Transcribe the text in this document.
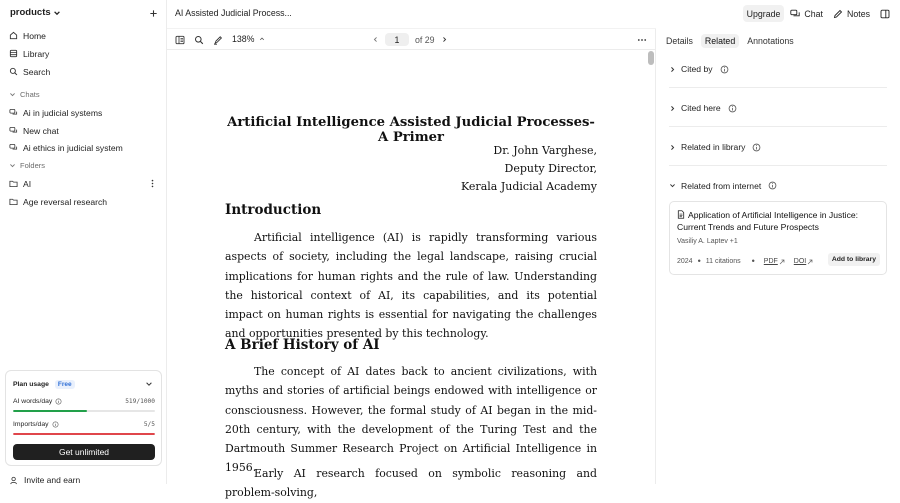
products
Home
Library
Search
Chats
Ai in judicial systems
New chat
Ai ethics in judicial system
Folders
AI
Age reversal research
Plan usage	Free
AI words/day	519/1000
Imports/day	5/5
Get unlimited
Invite and earn
AI Assisted Judicial Process...	Upgrade	Chat	Notes
138%	1	of 29
Artificial Intelligence Assisted Judicial Processes-A Primer
Dr. John Varghese,
Deputy Director,
Kerala Judicial Academy
Introduction

Artificial intelligence (AI) is rapidly transforming various aspects of society, including the legal landscape, raising crucial implications for human rights and the rule of law. Understanding the historical context of AI, its capabilities, and its potential impact on human rights is essential for navigating the challenges and opportunities presented by this technology.

A Brief History of AI

The concept of AI dates back to ancient civilizations, with myths and stories of artificial beings endowed with intelligence or consciousness. However, the formal study of AI began in the mid-20th century, with the development of the Turing Test and the Dartmouth Summer Research Project on Artificial Intelligence in 1956.

Early AI research focused on symbolic reasoning and problem-solving,

Details	Related	Annotations
Cited by
Cited here
Related in library
Related from internet
Application of Artificial Intelligence in Justice: Current Trends and Future Prospects
Vasiliy A. Laptev +1
2024 • 11 citations • PDF DOI	Add to library
